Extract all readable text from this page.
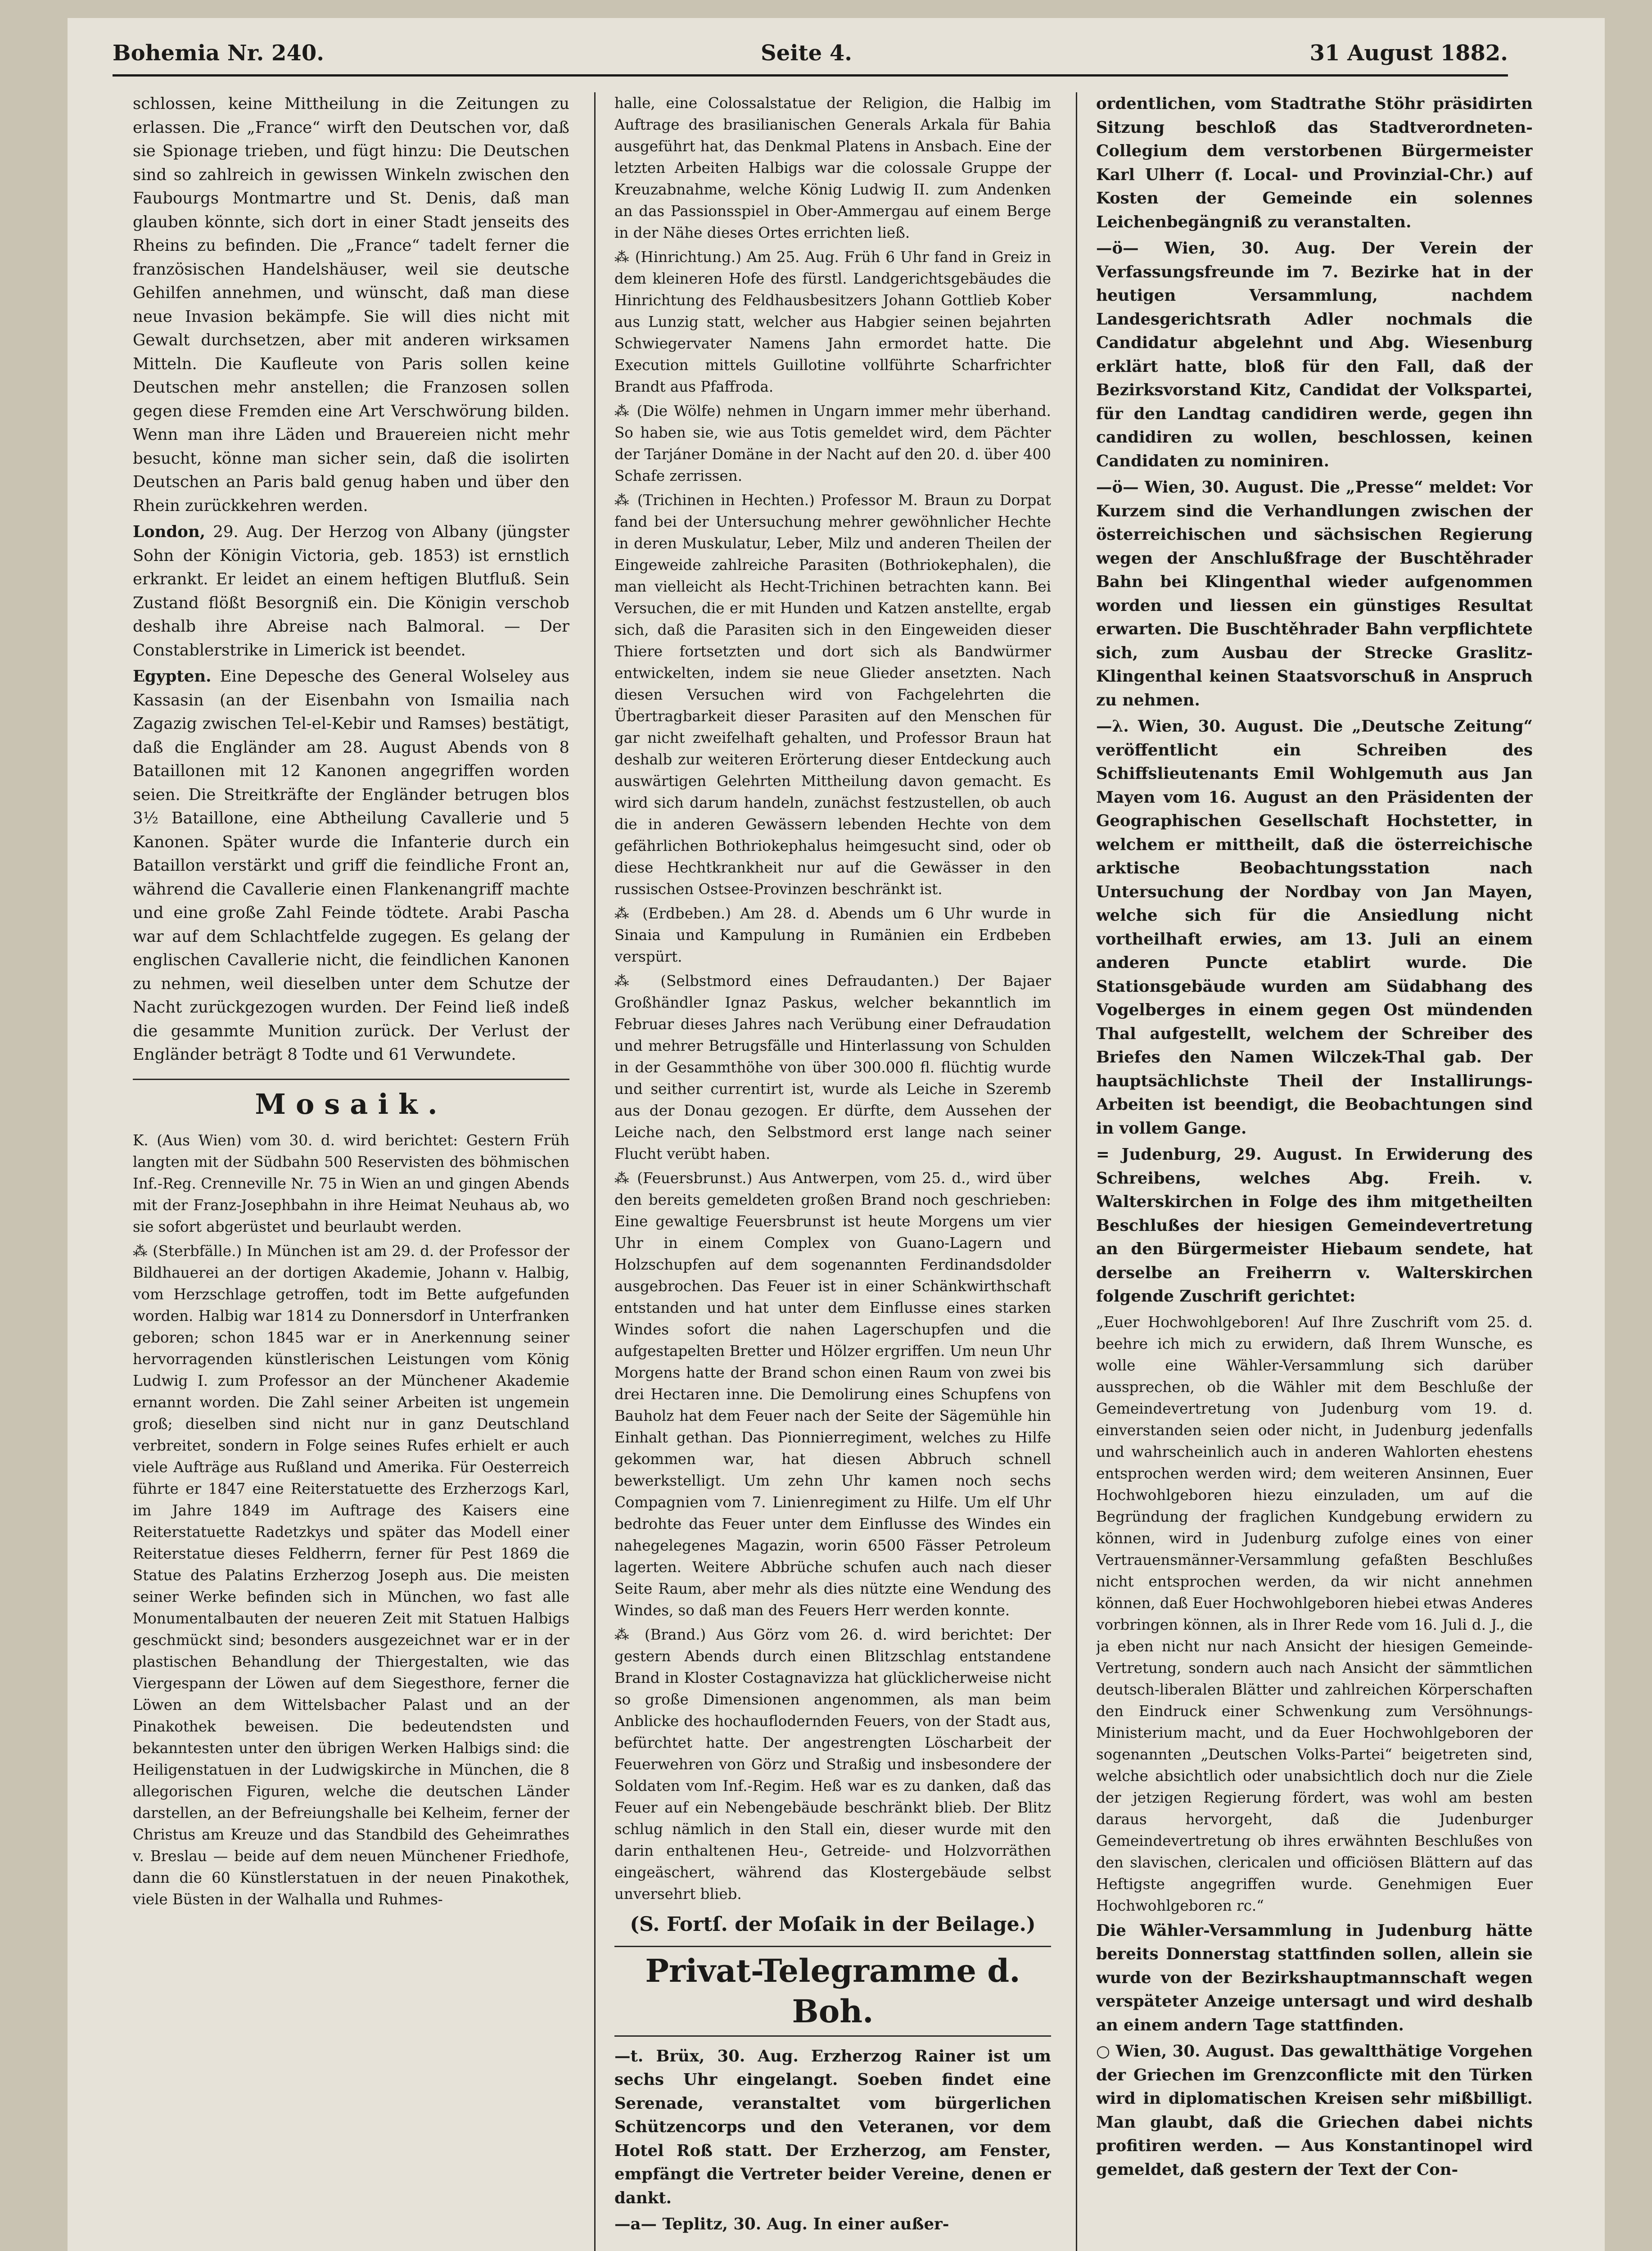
Bohemia Nr. 240.	Seite 4.	31 August 1882.

schlossen, keine Mittheilung in die Zeitungen zu erlassen. Die „France“ wirft den Deutschen vor, daß sie Spionage trieben, und fügt hinzu: Die Deutschen sind so zahlreich in gewissen Winkeln zwischen den Faubourgs Montmartre und St. Denis, daß man glauben könnte, sich dort in einer Stadt jenseits des Rheins zu befinden. Die „France“ tadelt ferner die französischen Handelshäuser, weil sie deutsche Gehilfen annehmen, und wünscht, daß man diese neue Invasion bekämpfe. Sie will dies nicht mit Gewalt durchsetzen, aber mit anderen wirksamen Mitteln. Die Kaufleute von Paris sollen keine Deutschen mehr anstellen; die Franzosen sollen gegen diese Fremden eine Art Verschwörung bilden. Wenn man ihre Läden und Brauereien nicht mehr besucht, könne man sicher sein, daß die isolirten Deutschen an Paris bald genug haben und über den Rhein zurückkehren werden.

London, 29. Aug. Der Herzog von Albany (jüngster Sohn der Königin Victoria, geb. 1853) ist ernstlich erkrankt. Er leidet an einem heftigen Blutfluß. Sein Zustand flößt Besorgniß ein. Die Königin verschob deshalb ihre Abreise nach Balmoral. — Der Constablerstrike in Limerick ist beendet.

Egypten. Eine Depesche des General Wolseley aus Kassasin (an der Eisenbahn von Ismailia nach Zagazig zwischen Tel-el-Kebir und Ramses) bestätigt, daß die Engländer am 28. August Abends von 8 Bataillonen mit 12 Kanonen angegriffen worden seien. Die Streitkräfte der Engländer betrugen blos 3½ Bataillone, eine Abtheilung Cavallerie und 5 Kanonen. Später wurde die Infanterie durch ein Bataillon verstärkt und griff die feindliche Front an, während die Cavallerie einen Flankenangriff machte und eine große Zahl Feinde tödtete. Arabi Pascha war auf dem Schlachtfelde zugegen. Es gelang der englischen Cavallerie nicht, die feindlichen Kanonen zu nehmen, weil dieselben unter dem Schutze der Nacht zurückgezogen wurden. Der Feind ließ indeß die gesammte Munition zurück. Der Verlust der Engländer beträgt 8 Todte und 61 Verwundete.

Mosaik.

K. (Aus Wien) vom 30. d. wird berichtet: Gestern Früh langten mit der Südbahn 500 Reservisten des böhmischen Inf.-Reg. Crenneville Nr. 75 in Wien an und gingen Abends mit der Franz-Josephbahn in ihre Heimat Neuhaus ab, wo sie sofort abgerüstet und beurlaubt werden.

⁂ (Sterbfälle.) In München ist am 29. d. der Professor der Bildhauerei an der dortigen Akademie, Johann v. Halbig, vom Herzschlage getroffen, todt im Bette aufgefunden worden. Halbig war 1814 zu Donnersdorf in Unterfranken geboren; schon 1845 war er in Anerkennung seiner hervorragenden künstlerischen Leistungen vom König Ludwig I. zum Professor an der Münchener Akademie ernannt worden. Die Zahl seiner Arbeiten ist ungemein groß; dieselben sind nicht nur in ganz Deutschland verbreitet, sondern in Folge seines Rufes erhielt er auch viele Aufträge aus Rußland und Amerika. Für Oesterreich führte er 1847 eine Reiterstatuette des Erzherzogs Karl, im Jahre 1849 im Auftrage des Kaisers eine Reiterstatuette Radetzkys und später das Modell einer Reiterstatue dieses Feldherrn, ferner für Pest 1869 die Statue des Palatins Erzherzog Joseph aus. Die meisten seiner Werke befinden sich in München, wo fast alle Monumentalbauten der neueren Zeit mit Statuen Halbigs geschmückt sind; besonders ausgezeichnet war er in der plastischen Behandlung der Thiergestalten, wie das Viergespann der Löwen auf dem Siegesthore, ferner die Löwen an dem Wittelsbacher Palast und an der Pinakothek beweisen. Die bedeutendsten und bekanntesten unter den übrigen Werken Halbigs sind: die Heiligenstatuen in der Ludwigskirche in München, die 8 allegorischen Figuren, welche die deutschen Länder darstellen, an der Befreiungshalle bei Kelheim, ferner der Christus am Kreuze und das Standbild des Geheimrathes v. Breslau — beide auf dem neuen Münchener Friedhofe, dann die 60 Künstlerstatuen in der neuen Pinakothek, viele Büsten in der Walhalla und Ruhmes-

halle, eine Colossalstatue der Religion, die Halbig im Auftrage des brasilianischen Generals Arkala für Bahia ausgeführt hat, das Denkmal Platens in Ansbach. Eine der letzten Arbeiten Halbigs war die colossale Gruppe der Kreuzabnahme, welche König Ludwig II. zum Andenken an das Passionsspiel in Ober-Ammergau auf einem Berge in der Nähe dieses Ortes errichten ließ.

⁂ (Hinrichtung.) Am 25. Aug. Früh 6 Uhr fand in Greiz in dem kleineren Hofe des fürstl. Landgerichtsgebäudes die Hinrichtung des Feldhausbesitzers Johann Gottlieb Kober aus Lunzig statt, welcher aus Habgier seinen bejahrten Schwiegervater Namens Jahn ermordet hatte. Die Execution mittels Guillotine vollführte Scharfrichter Brandt aus Pfaffroda.

⁂ (Die Wölfe) nehmen in Ungarn immer mehr überhand. So haben sie, wie aus Totis gemeldet wird, dem Pächter der Tarjáner Domäne in der Nacht auf den 20. d. über 400 Schafe zerrissen.

⁂ (Trichinen in Hechten.) Professor M. Braun zu Dorpat fand bei der Untersuchung mehrer gewöhnlicher Hechte in deren Muskulatur, Leber, Milz und anderen Theilen der Eingeweide zahlreiche Parasiten (Bothriokephalen), die man vielleicht als Hecht-Trichinen betrachten kann. Bei Versuchen, die er mit Hunden und Katzen anstellte, ergab sich, daß die Parasiten sich in den Eingeweiden dieser Thiere fortsetzten und dort sich als Bandwürmer entwickelten, indem sie neue Glieder ansetzten. Nach diesen Versuchen wird von Fachgelehrten die Übertragbarkeit dieser Parasiten auf den Menschen für gar nicht zweifelhaft gehalten, und Professor Braun hat deshalb zur weiteren Erörterung dieser Entdeckung auch auswärtigen Gelehrten Mittheilung davon gemacht. Es wird sich darum handeln, zunächst festzustellen, ob auch die in anderen Gewässern lebenden Hechte von dem gefährlichen Bothriokephalus heimgesucht sind, oder ob diese Hechtkrankheit nur auf die Gewässer in den russischen Ostsee-Provinzen beschränkt ist.

⁂ (Erdbeben.) Am 28. d. Abends um 6 Uhr wurde in Sinaia und Kampulung in Rumänien ein Erdbeben verspürt.

⁂ (Selbstmord eines Defraudanten.) Der Bajaer Großhändler Ignaz Paskus, welcher bekanntlich im Februar dieses Jahres nach Verübung einer Defraudation und mehrer Betrugsfälle und Hinterlassung von Schulden in der Gesammthöhe von über 300.000 fl. flüchtig wurde und seither currentirt ist, wurde als Leiche in Szeremb aus der Donau gezogen. Er dürfte, dem Aussehen der Leiche nach, den Selbstmord erst lange nach seiner Flucht verübt haben.

⁂ (Feuersbrunst.) Aus Antwerpen, vom 25. d., wird über den bereits gemeldeten großen Brand noch geschrieben: Eine gewaltige Feuersbrunst ist heute Morgens um vier Uhr in einem Complex von Guano-Lagern und Holzschupfen auf dem sogenannten Ferdinandsdolder ausgebrochen. Das Feuer ist in einer Schänkwirthschaft entstanden und hat unter dem Einflusse eines starken Windes sofort die nahen Lagerschupfen und die aufgestapelten Bretter und Hölzer ergriffen. Um neun Uhr Morgens hatte der Brand schon einen Raum von zwei bis drei Hectaren inne. Die Demolirung eines Schupfens von Bauholz hat dem Feuer nach der Seite der Sägemühle hin Einhalt gethan. Das Pionnierregiment, welches zu Hilfe gekommen war, hat diesen Abbruch schnell bewerkstelligt. Um zehn Uhr kamen noch sechs Compagnien vom 7. Linienregiment zu Hilfe. Um elf Uhr bedrohte das Feuer unter dem Einflusse des Windes ein nahegelegenes Magazin, worin 6500 Fässer Petroleum lagerten. Weitere Abbrüche schufen auch nach dieser Seite Raum, aber mehr als dies nützte eine Wendung des Windes, so daß man des Feuers Herr werden konnte.

⁂ (Brand.) Aus Görz vom 26. d. wird berichtet: Der gestern Abends durch einen Blitzschlag entstandene Brand in Kloster Costagnavizza hat glücklicherweise nicht so große Dimensionen angenommen, als man beim Anblicke des hochauflodernden Feuers, von der Stadt aus, befürchtet hatte. Der angestrengten Löscharbeit der Feuerwehren von Görz und Straßig und insbesondere der Soldaten vom Inf.-Regim. Heß war es zu danken, daß das Feuer auf ein Nebengebäude beschränkt blieb. Der Blitz schlug nämlich in den Stall ein, dieser wurde mit den darin enthaltenen Heu-, Getreide- und Holzvorräthen eingeäschert, während das Klostergebäude selbst unversehrt blieb.

(S. Fortſ. der Moſaik in der Beilage.)
Privat-Telegramme d. Boh.

—t. Brüx, 30. Aug. Erzherzog Rainer ist um sechs Uhr eingelangt. Soeben findet eine Serenade, veranstaltet vom bürgerlichen Schützencorps und den Veteranen, vor dem Hotel Roß statt. Der Erzherzog, am Fenster, empfängt die Vertreter beider Vereine, denen er dankt.

—a— Teplitz, 30. Aug. In einer außer-

ordentlichen, vom Stadtrathe Stöhr präsidirten Sitzung beschloß das Stadtverordneten-Collegium dem verstorbenen Bürgermeister Karl Ulherr (f. Local- und Provinzial-Chr.) auf Kosten der Gemeinde ein solennes Leichenbegängniß zu veranstalten.

—ö— Wien, 30. Aug. Der Verein der Verfassungsfreunde im 7. Bezirke hat in der heutigen Versammlung, nachdem Landesgerichtsrath Adler nochmals die Candidatur abgelehnt und Abg. Wiesenburg erklärt hatte, bloß für den Fall, daß der Bezirksvorstand Kitz, Candidat der Volkspartei, für den Landtag candidiren werde, gegen ihn candidiren zu wollen, beschlossen, keinen Candidaten zu nominiren.

—ö— Wien, 30. August. Die „Presse“ meldet: Vor Kurzem sind die Verhandlungen zwischen der österreichischen und sächsischen Regierung wegen der Anschlußfrage der Buschtěhrader Bahn bei Klingenthal wieder aufgenommen worden und liessen ein günstiges Resultat erwarten. Die Buschtěhrader Bahn verpflichtete sich, zum Ausbau der Strecke Graslitz-Klingenthal keinen Staatsvorschuß in Anspruch zu nehmen.

—λ. Wien, 30. August. Die „Deutsche Zeitung“ veröffentlicht ein Schreiben des Schiffslieutenants Emil Wohlgemuth aus Jan Mayen vom 16. August an den Präsidenten der Geographischen Gesellschaft Hochstetter, in welchem er mittheilt, daß die österreichische arktische Beobachtungsstation nach Untersuchung der Nordbay von Jan Mayen, welche sich für die Ansiedlung nicht vortheilhaft erwies, am 13. Juli an einem anderen Puncte etablirt wurde. Die Stationsgebäude wurden am Südabhang des Vogelberges in einem gegen Ost mündenden Thal aufgestellt, welchem der Schreiber des Briefes den Namen Wilczek-Thal gab. Der hauptsächlichste Theil der Installirungs-Arbeiten ist beendigt, die Beobachtungen sind in vollem Gange.

= Judenburg, 29. August. In Erwiderung des Schreibens, welches Abg. Freih. v. Walterskirchen in Folge des ihm mitgetheilten Beschlußes der hiesigen Gemeindevertretung an den Bürgermeister Hiebaum sendete, hat derselbe an Freiherrn v. Walterskirchen folgende Zuschrift gerichtet:

„Euer Hochwohlgeboren! Auf Ihre Zuschrift vom 25. d. beehre ich mich zu erwidern, daß Ihrem Wunsche, es wolle eine Wähler-Versammlung sich darüber aussprechen, ob die Wähler mit dem Beschluße der Gemeindevertretung von Judenburg vom 19. d. einverstanden seien oder nicht, in Judenburg jedenfalls und wahrscheinlich auch in anderen Wahlorten ehestens entsprochen werden wird; dem weiteren Ansinnen, Euer Hochwohlgeboren hiezu einzuladen, um auf die Begründung der fraglichen Kundgebung erwidern zu können, wird in Judenburg zufolge eines von einer Vertrauensmänner-Versammlung gefaßten Beschlußes nicht entsprochen werden, da wir nicht annehmen können, daß Euer Hochwohlgeboren hiebei etwas Anderes vorbringen können, als in Ihrer Rede vom 16. Juli d. J., die ja eben nicht nur nach Ansicht der hiesigen Gemeinde-Vertretung, sondern auch nach Ansicht der sämmtlichen deutsch-liberalen Blätter und zahlreichen Körperschaften den Eindruck einer Schwenkung zum Versöhnungs-Ministerium macht, und da Euer Hochwohlgeboren der sogenannten „Deutschen Volks-Partei“ beigetreten sind, welche absichtlich oder unabsichtlich doch nur die Ziele der jetzigen Regierung fördert, was wohl am besten daraus hervorgeht, daß die Judenburger Gemeindevertretung ob ihres erwähnten Beschlußes von den slavischen, clericalen und officiösen Blättern auf das Heftigste angegriffen wurde. Genehmigen Euer Hochwohlgeboren rc.“

Die Wähler-Versammlung in Judenburg hätte bereits Donnerstag stattfinden sollen, allein sie wurde von der Bezirkshauptmannschaft wegen verspäteter Anzeige untersagt und wird deshalb an einem andern Tage stattfinden.

○ Wien, 30. August. Das gewaltthätige Vorgehen der Griechen im Grenzconflicte mit den Türken wird in diplomatischen Kreisen sehr mißbilligt. Man glaubt, daß die Griechen dabei nichts profitiren werden. — Aus Konstantinopel wird gemeldet, daß gestern der Text der Con-
